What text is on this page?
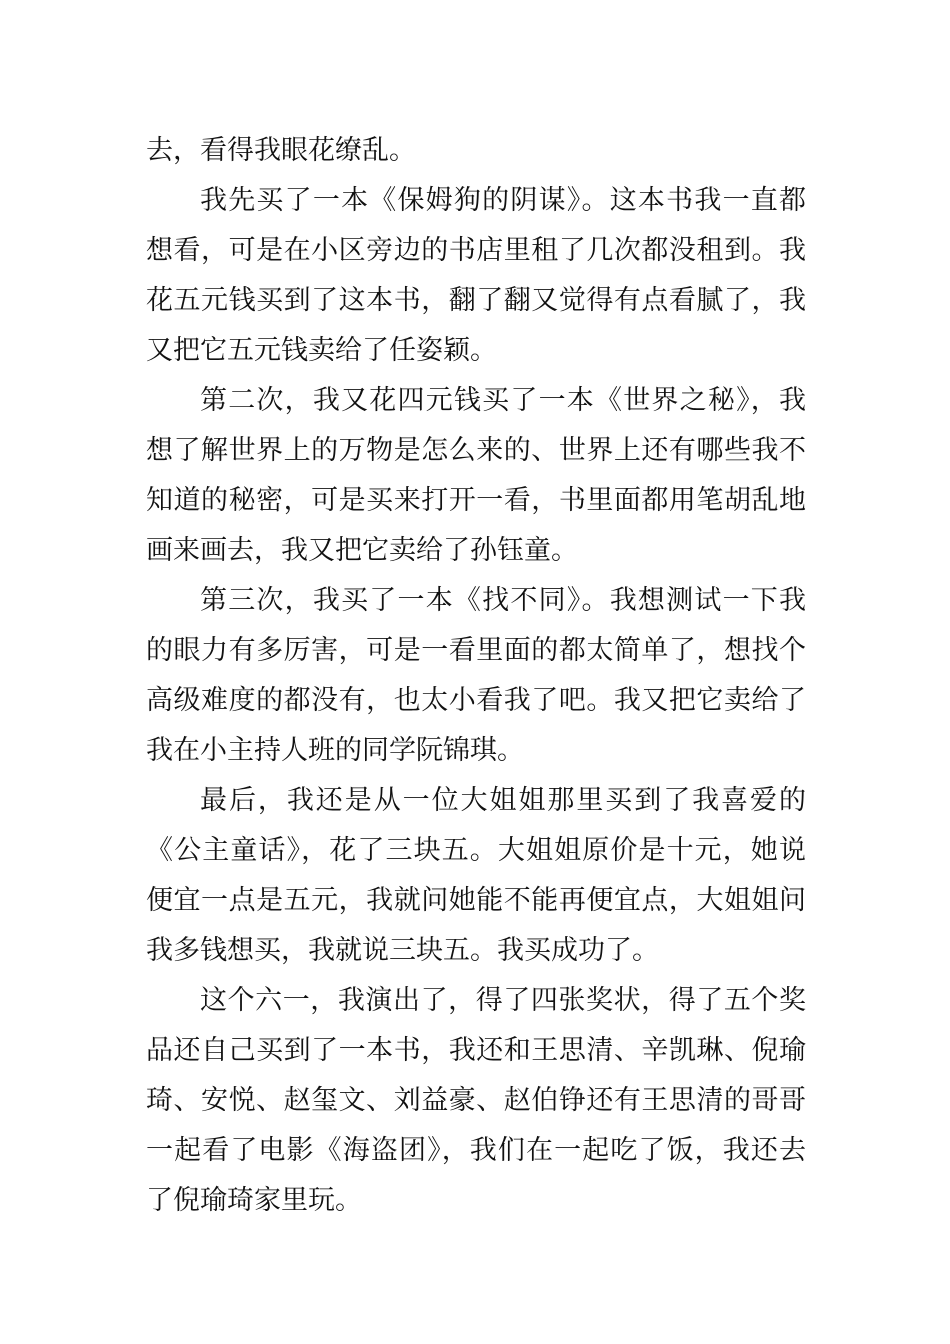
去，看得我眼花缭乱。

我先买了一本《保姆狗的阴谋》。这本书我一直都想看，可是在小区旁边的书店里租了几次都没租到。我花五元钱买到了这本书，翻了翻又觉得有点看腻了，我又把它五元钱卖给了任姿颖。

第二次，我又花四元钱买了一本《世界之秘》，我想了解世界上的万物是怎么来的、世界上还有哪些我不知道的秘密，可是买来打开一看，书里面都用笔胡乱地画来画去，我又把它卖给了孙钰童。

第三次，我买了一本《找不同》。我想测试一下我的眼力有多厉害，可是一看里面的都太简单了，想找个高级难度的都没有，也太小看我了吧。我又把它卖给了我在小主持人班的同学阮锦琪。

最后，我还是从一位大姐姐那里买到了我喜爱的《公主童话》，花了三块五。大姐姐原价是十元，她说便宜一点是五元，我就问她能不能再便宜点，大姐姐问我多钱想买，我就说三块五。我买成功了。

这个六一，我演出了，得了四张奖状，得了五个奖品还自己买到了一本书，我还和王思清、辛凯琳、倪瑜琦、安悦、赵玺文、刘益豪、赵伯铮还有王思清的哥哥一起看了电影《海盗团》，我们在一起吃了饭，我还去了倪瑜琦家里玩。
